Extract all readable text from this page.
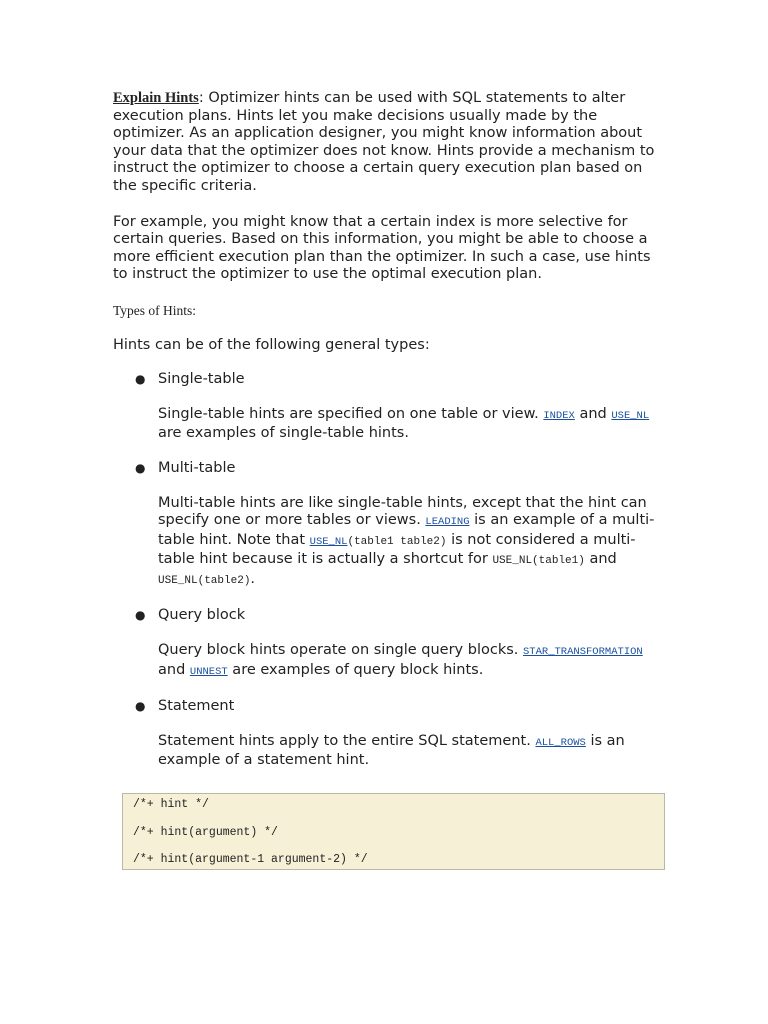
Explain Hints: Optimizer hints can be used with SQL statements to alter execution plans. Hints let you make decisions usually made by the optimizer. As an application designer, you might know information about your data that the optimizer does not know. Hints provide a mechanism to instruct the optimizer to choose a certain query execution plan based on the specific criteria.

For example, you might know that a certain index is more selective for certain queries. Based on this information, you might be able to choose a more efficient execution plan than the optimizer. In such a case, use hints to instruct the optimizer to use the optimal execution plan.

Types of Hints:

Hints can be of the following general types:

● Single-table
Single-table hints are specified on one table or view. INDEX and USE_NL are examples of single-table hints.
● Multi-table
Multi-table hints are like single-table hints, except that the hint can specify one or more tables or views. LEADING is an example of a multi-table hint. Note that USE_NL(table1 table2) is not considered a multi-table hint because it is actually a shortcut for USE_NL(table1) and USE_NL(table2).
● Query block
Query block hints operate on single query blocks. STAR_TRANSFORMATION and UNNEST are examples of query block hints.
● Statement
Statement hints apply to the entire SQL statement. ALL_ROWS is an example of a statement hint.
/*+ hint */
/*+ hint(argument) */
/*+ hint(argument-1 argument-2) */
